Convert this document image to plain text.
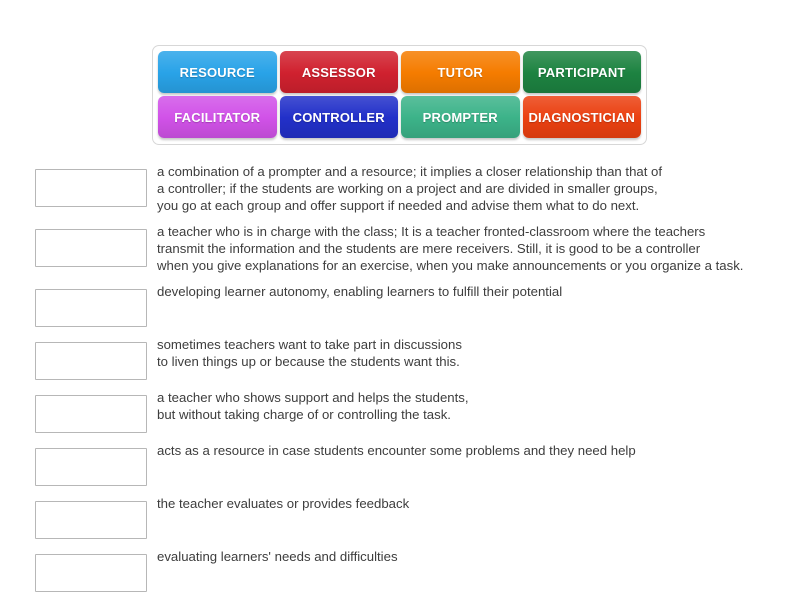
RESOURCE	ASSESSOR	TUTOR	PARTICIPANT
FACILITATOR CONTROLLER	PROMPTER DIAGNOSTICIAN
a combination of a prompter and a resource; it implies a closer relationship than that of
a controller; if the students are working on a project and are divided in smaller groups,
you go at each group and offer support if needed and advise them what to do next.
a teacher who is in charge with the class; It is a teacher fronted-classroom where the teachers
transmit the information and the students are mere receivers. Still, it is good to be a controller
when you give explanations for an exercise, when you make announcements or you organize a task.
developing learner autonomy, enabling learners to fulfill their potential
sometimes teachers want to take part in discussions
to liven things up or because the students want this.
a teacher who shows support and helps the students,
but without taking charge of or controlling the task.
acts as a resource in case students encounter some problems and they need help
the teacher evaluates or provides feedback
evaluating learners' needs and difficulties
